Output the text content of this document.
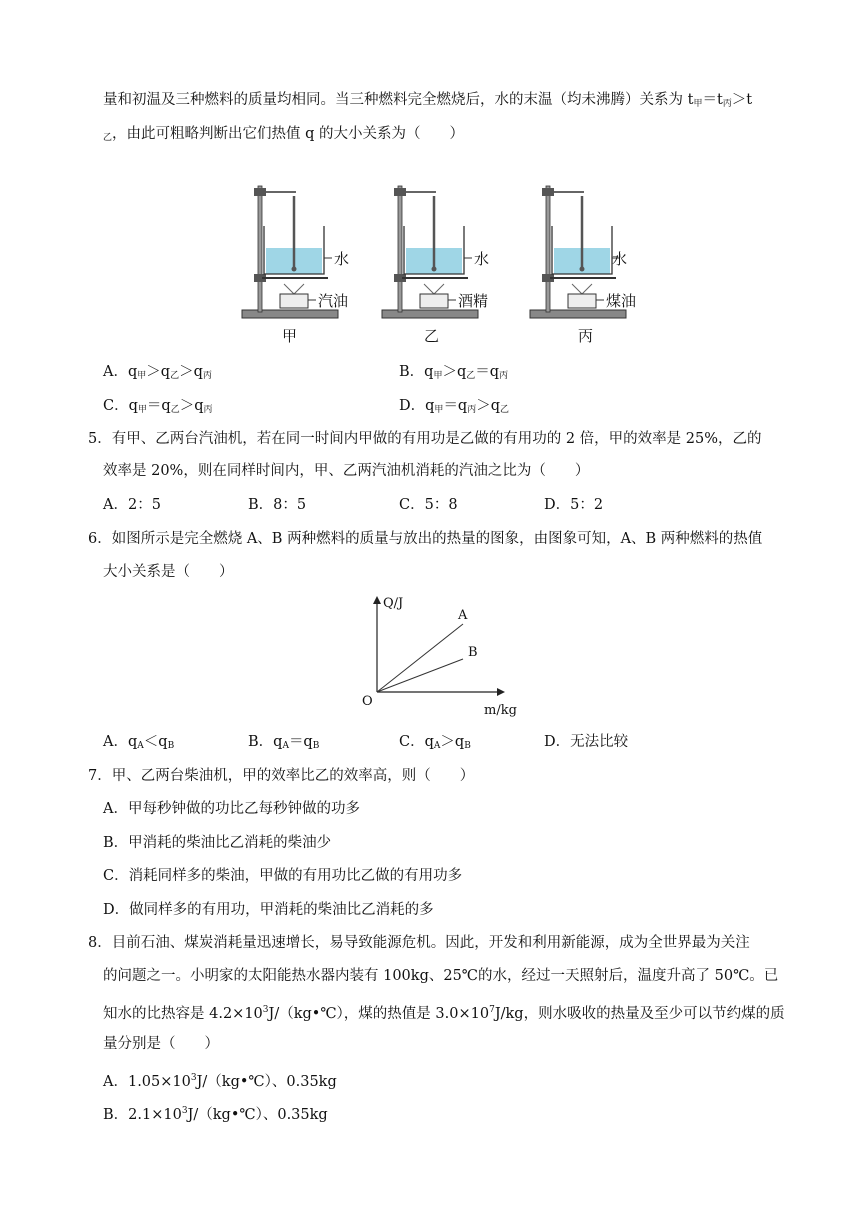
量和初温及三种燃料的质量均相同。当三种燃料完全燃烧后，水的末温（均未沸腾）关系为 $t_甲=t_丙>t$
$_乙$，由此可粗略判断出它们热值 q 的大小关系为（　　）
水
汽油
甲
水
酒精
乙
水
煤油
丙
A．$q_甲>q_乙>q_丙$	B．$q_甲>q_乙=q_丙$
C．$q_甲=q_乙>q_丙$	D．$q_甲=q_丙>q_乙$
5．有甲、乙两台汽油机，若在同一时间内甲做的有用功是乙做的有用功的 2 倍，甲的效率是 25%，乙的
效率是 20%，则在同样时间内，甲、乙两汽油机消耗的汽油之比为（　　）
A．2：5	B．8：5	C．5：8	D．5：2
6．如图所示是完全燃烧 A、B 两种燃料的质量与放出的热量的图象，由图象可知，A、B 两种燃料的热值
大小关系是（　　）
Q/J
m/kg
O
A
B
A．$q_A<q_B$	B．$q_A=q_B$	C．$q_A>q_B$	D．无法比较
7．甲、乙两台柴油机，甲的效率比乙的效率高，则（　　）
A．甲每秒钟做的功比乙每秒钟做的功多
B．甲消耗的柴油比乙消耗的柴油少
C．消耗同样多的柴油，甲做的有用功比乙做的有用功多
D．做同样多的有用功，甲消耗的柴油比乙消耗的多
8．目前石油、煤炭消耗量迅速增长，易导致能源危机。因此，开发和利用新能源，成为全世界最为关注
的问题之一。小明家的太阳能热水器内装有 100kg、25℃的水，经过一天照射后，温度升高了 50℃。已
知水的比热容是 $4.2\times 10^3J/(kg•℃)$，煤的热值是 $3.0\times 10^7J/kg$，则水吸收的热量及至少可以节约煤的质
量分别是（　　）
A．$1.05\times 10^3J/(kg•℃)$、0.35kg
B．$2.1\times 10^3J/(kg•℃)$、0.35kg
